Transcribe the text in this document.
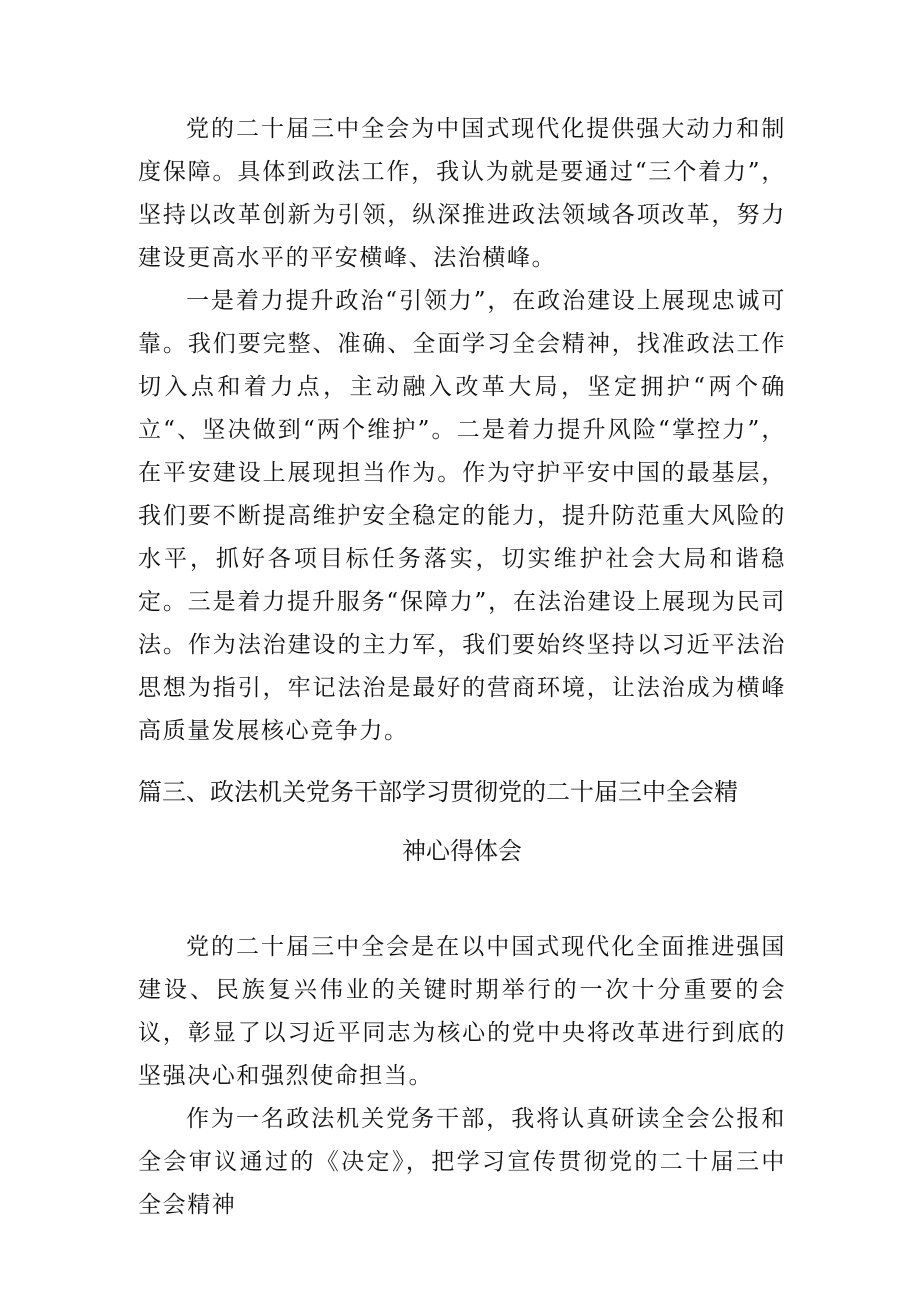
党的二十届三中全会为中国式现代化提供强大动力和制度保障。具体到政法工作，我认为就是要通过“三个着力”，坚持以改革创新为引领，纵深推进政法领域各项改革，努力建设更高水平的平安横峰、法治横峰。

一是着力提升政治“引领力”，在政治建设上展现忠诚可靠。我们要完整、准确、全面学习全会精神，找准政法工作切入点和着力点，主动融入改革大局，坚定拥护“两个确立“、坚决做到“两个维护”。二是着力提升风险“掌控力”，在平安建设上展现担当作为。作为守护平安中国的最基层，我们要不断提高维护安全稳定的能力，提升防范重大风险的水平，抓好各项目标任务落实，切实维护社会大局和谐稳定。三是着力提升服务“保障力”，在法治建设上展现为民司法。作为法治建设的主力军，我们要始终坚持以习近平法治思想为指引，牢记法治是最好的营商环境，让法治成为横峰高质量发展核心竞争力。

篇三、政法机关党务干部学习贯彻党的二十届三中全会精
神心得体会

党的二十届三中全会是在以中国式现代化全面推进强国建设、民族复兴伟业的关键时期举行的一次十分重要的会议，彰显了以习近平同志为核心的党中央将改革进行到底的坚强决心和强烈使命担当。

作为一名政法机关党务干部，我将认真研读全会公报和全会审议通过的《决定》，把学习宣传贯彻党的二十届三中全会精神
